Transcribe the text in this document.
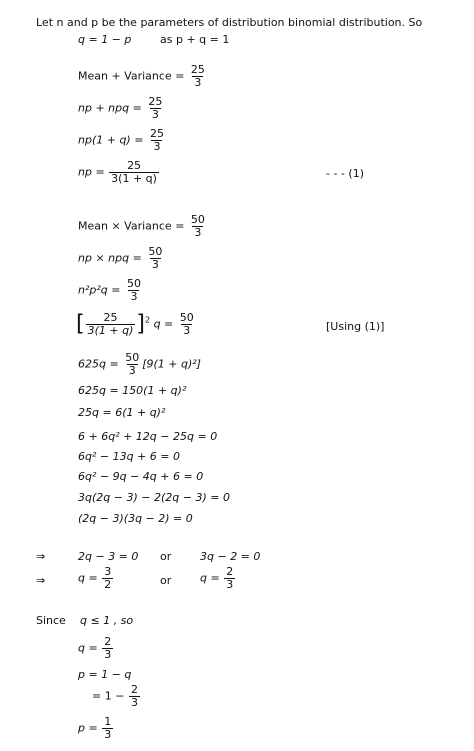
Let n and p be the parameters of distribution binomial distribution. So
q = 1 − p	as p + q = 1
Mean + Variance = $\frac{25}{3}$
np + npq = $\frac{25}{3}$
$np(1 + q) = \frac{25}{3}$
np = $\frac{25}{3(1 + q)}$	- - - (1)
Mean × Variance = $\frac{50}{3}$
np × npq = $\frac{50}{3}$
$n^2p^2q = \frac{50}{3}$
[ $\frac{25}{3(1 + q)} ]^2$ $q = \frac{50}{3}$	[Using (1)]
$625q = \frac{50}{3} [9(1 + q)^2]$
625q = 150(1 + q)²
25q = 6(1 + q)²
6 + 6q² + 12q − 25q = 0
6q² − 13q + 6 = 0
6q² − 9q − 4q + 6 = 0
3q(2q − 3) − 2(2q − 3) = 0
(2q − 3)(3q − 2) = 0
⇒	2q − 3 = 0 or	3q − 2 = 0
⇒	$q = \frac{3}{2}$	or	$q = \frac{2}{3}$
Since q ≤ 1 , so
$q = \frac{2}{3}$
p = 1 − q
= $1 - \frac{2}{3}$
$p = \frac{1}{3}$
